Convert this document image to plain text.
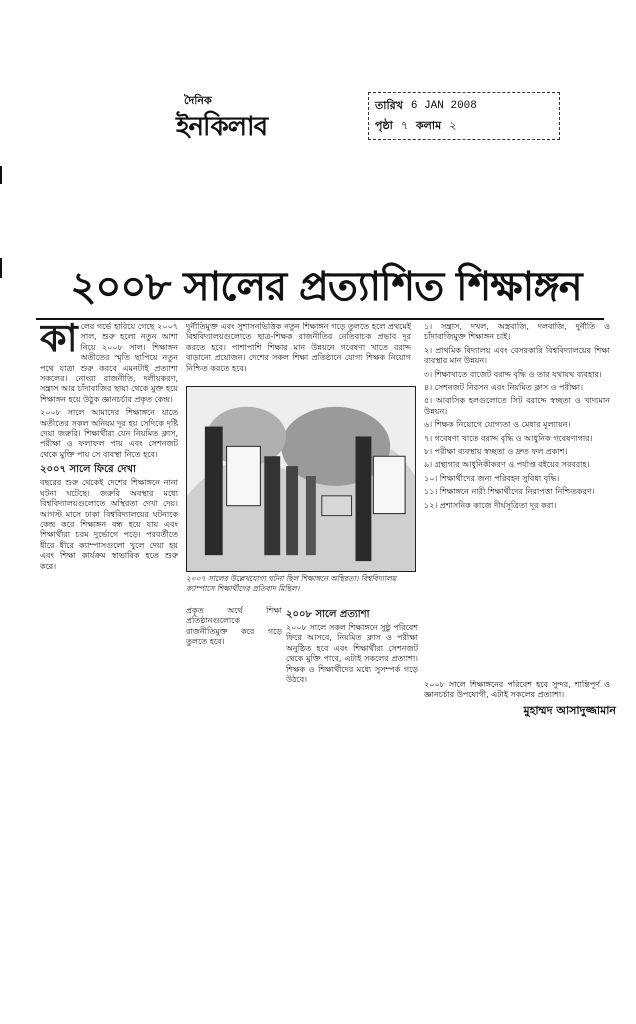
দৈনিক
ইনকিলাব
তারিখ 6 JAN 2008
পৃষ্ঠা ৭ কলাম ২
২০০৮ সালের প্রত্যাশিত শিক্ষাঙ্গন

কালের গর্ভে হারিয়ে গেছে ২০০৭ সাল, শুরু হলো নতুন আশা নিয়ে ২০০৮ সাল। শিক্ষাঙ্গন অতীতের স্মৃতি ছাপিয়ে নতুন পথে যাত্রা শুরু করবে এমনটাই প্রত্যাশা সকলের। নোংরা রাজনীতি, দলীয়করণ, সন্ত্রাস আর চাঁদাবাজির ছায়া থেকে মুক্ত হয়ে শিক্ষাঙ্গন হয়ে উঠুক জ্ঞানচর্চার প্রকৃত কেন্দ্র।

২০০৮ সালে আমাদের শিক্ষাঙ্গনে যাতে অতীতের সকল অনিয়ম দূর হয় সেদিকে দৃষ্টি দেয়া জরুরি। শিক্ষার্থীরা যেন নিয়মিত ক্লাস, পরীক্ষা ও ফলাফল পায় এবং সেশনজট থেকে মুক্তি পায় সে ব্যবস্থা নিতে হবে।

২০০৭ সালে ফিরে দেখা

বছরের শুরু থেকেই দেশের শিক্ষাঙ্গনে নানা ঘটনা ঘটেছে। জরুরি অবস্থার মধ্যে বিশ্ববিদ্যালয়গুলোতে অস্থিরতা দেখা দেয়। আগস্ট মাসে ঢাকা বিশ্ববিদ্যালয়ের ঘটনাকে কেন্দ্র করে শিক্ষাঙ্গন বন্ধ হয়ে যায় এবং শিক্ষার্থীরা চরম দুর্ভোগে পড়ে। পরবর্তীতে ধীরে ধীরে ক্যাম্পাসগুলো খুলে দেয়া হয় এবং শিক্ষা কার্যক্রম স্বাভাবিক হতে শুরু করে।

দুর্নীতিমুক্ত এবং সুশাসনভিত্তিক নতুন শিক্ষাঙ্গন গড়ে তুলতে হলে প্রথমেই বিশ্ববিদ্যালয়গুলোতে ছাত্র-শিক্ষক রাজনীতির নেতিবাচক প্রভাব দূর করতে হবে। পাশাপাশি শিক্ষার মান উন্নয়নে গবেষণা খাতে বরাদ্দ বাড়ানো প্রয়োজন। দেশের সকল শিক্ষা প্রতিষ্ঠানে যোগ্য শিক্ষক নিয়োগ নিশ্চিত করতে হবে।

২০০৭ সালের উল্লেখযোগ্য ঘটনা ছিল শিক্ষাঙ্গনে অস্থিরতা। বিশ্ববিদ্যালয় ক্যাম্পাসে শিক্ষার্থীদের প্রতিবাদ মিছিল।

প্রকৃত অর্থে শিক্ষা প্রতিষ্ঠানগুলোকে রাজনীতিমুক্ত করে গড়ে তুলতে হবে।

২০০৮ সালে প্রত্যাশা

২০০৮ সালে সকল শিক্ষাঙ্গনে সুষ্ঠু পরিবেশ ফিরে আসবে, নিয়মিত ক্লাস ও পরীক্ষা অনুষ্ঠিত হবে এবং শিক্ষার্থীরা সেশনজট থেকে মুক্তি পাবে, এটাই সকলের প্রত্যাশা। শিক্ষক ও শিক্ষার্থীদের মধ্যে সুসম্পর্ক গড়ে উঠবে।

১। সন্ত্রাস, দখল, অস্ত্রবাজি, দলবাজি, দুর্নীতি ও চাঁদাবাজিমুক্ত শিক্ষাঙ্গন চাই।

২। প্রাথমিক বিদ্যালয় এবং বেসরকারি বিশ্ববিদ্যালয়ের শিক্ষা ব্যবস্থার মান উন্নয়ন।

৩। শিক্ষাখাতে বাজেট বরাদ্দ বৃদ্ধি ও তার যথাযথ ব্যবহার।

৪। সেশনজট নিরসন এবং নিয়মিত ক্লাস ও পরীক্ষা।

৫। আবাসিক হলগুলোতে সিট বরাদ্দে স্বচ্ছতা ও খাদ্যমান উন্নয়ন।

৬। শিক্ষক নিয়োগে যোগ্যতা ও মেধার মূল্যায়ন।

৭। গবেষণা খাতে বরাদ্দ বৃদ্ধি ও আধুনিক গবেষণাগার।

৮। পরীক্ষা ব্যবস্থায় স্বচ্ছতা ও দ্রুত ফল প্রকাশ।

৯। গ্রন্থাগার আধুনিকীকরণ ও পর্যাপ্ত বইয়ের সরবরাহ।

১০। শিক্ষার্থীদের জন্য পরিবহন সুবিধা বৃদ্ধি।

১১। শিক্ষাঙ্গনে নারী শিক্ষার্থীদের নিরাপত্তা নিশ্চিতকরণ।

১২। প্রশাসনিক কাজে দীর্ঘসূত্রিতা দূর করা।

২০০৮ সালে শিক্ষাঙ্গনের পরিবেশ হবে সুন্দর, শান্তিপূর্ণ ও জ্ঞানচর্চার উপযোগী, এটাই সকলের প্রত্যাশা।
মুহাম্মদ আসাদুজ্জামান
